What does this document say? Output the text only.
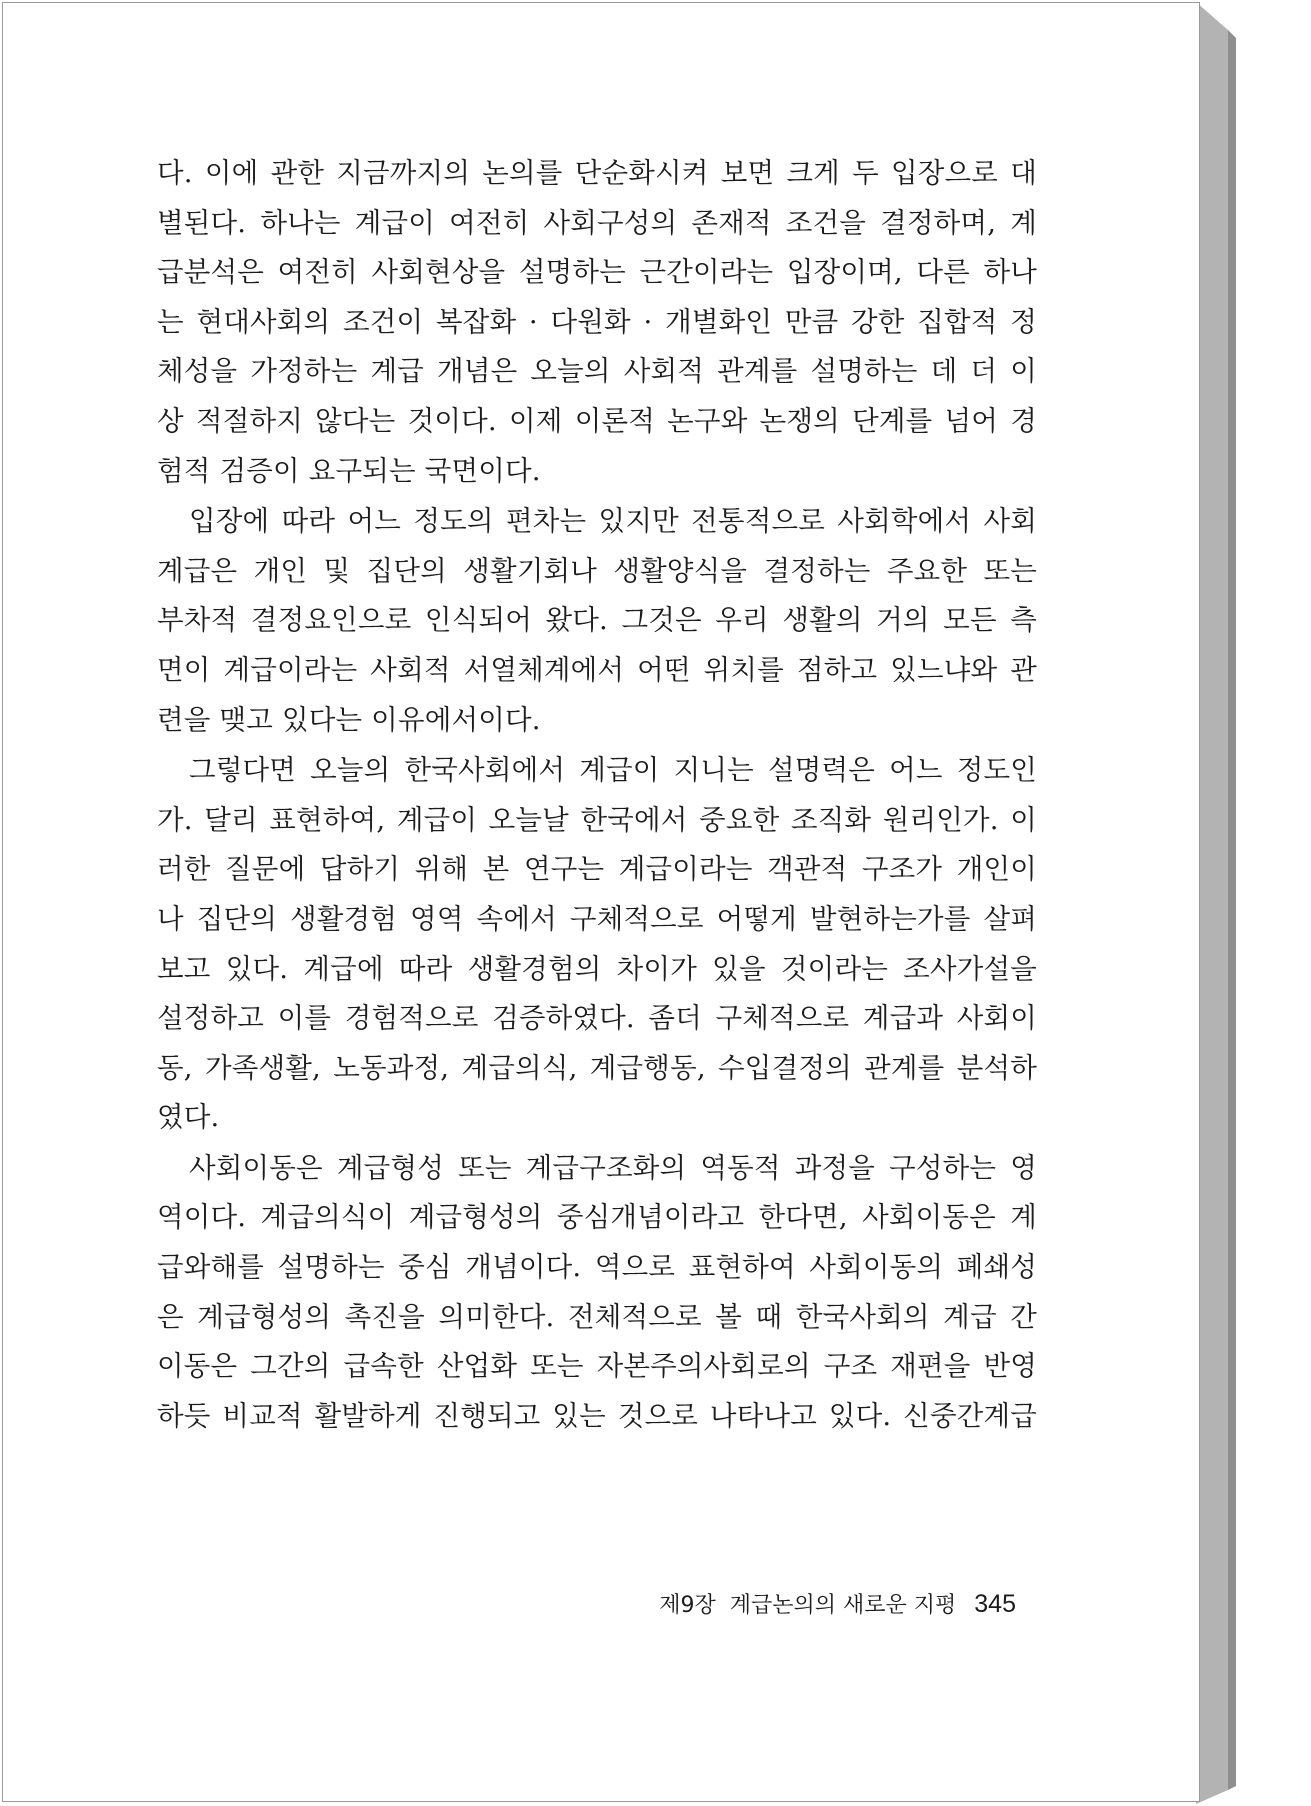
다. 이에 관한 지금까지의 논의를 단순화시켜 보면 크게 두 입장으로 대
별된다. 하나는 계급이 여전히 사회구성의 존재적 조건을 결정하며, 계
급분석은 여전히 사회현상을 설명하는 근간이라는 입장이며, 다른 하나
는 현대사회의 조건이 복잡화 · 다원화 · 개별화인 만큼 강한 집합적 정
체성을 가정하는 계급 개념은 오늘의 사회적 관계를 설명하는 데 더 이
상 적절하지 않다는 것이다. 이제 이론적 논구와 논쟁의 단계를 넘어 경
험적 검증이 요구되는 국면이다.
입장에 따라 어느 정도의 편차는 있지만 전통적으로 사회학에서 사회
계급은 개인 및 집단의 생활기회나 생활양식을 결정하는 주요한 또는
부차적 결정요인으로 인식되어 왔다. 그것은 우리 생활의 거의 모든 측
면이 계급이라는 사회적 서열체계에서 어떤 위치를 점하고 있느냐와 관
련을 맺고 있다는 이유에서이다.
그렇다면 오늘의 한국사회에서 계급이 지니는 설명력은 어느 정도인
가. 달리 표현하여, 계급이 오늘날 한국에서 중요한 조직화 원리인가. 이
러한 질문에 답하기 위해 본 연구는 계급이라는 객관적 구조가 개인이
나 집단의 생활경험 영역 속에서 구체적으로 어떻게 발현하는가를 살펴
보고 있다. 계급에 따라 생활경험의 차이가 있을 것이라는 조사가설을
설정하고 이를 경험적으로 검증하였다. 좀더 구체적으로 계급과 사회이
동, 가족생활, 노동과정, 계급의식, 계급행동, 수입결정의 관계를 분석하
였다.
사회이동은 계급형성 또는 계급구조화의 역동적 과정을 구성하는 영
역이다. 계급의식이 계급형성의 중심개념이라고 한다면, 사회이동은 계
급와해를 설명하는 중심 개념이다. 역으로 표현하여 사회이동의 폐쇄성
은 계급형성의 촉진을 의미한다. 전체적으로 볼 때 한국사회의 계급 간
이동은 그간의 급속한 산업화 또는 자본주의사회로의 구조 재편을 반영
하듯 비교적 활발하게 진행되고 있는 것으로 나타나고 있다. 신중간계급
제9장 계급논의의 새로운 지평 345
